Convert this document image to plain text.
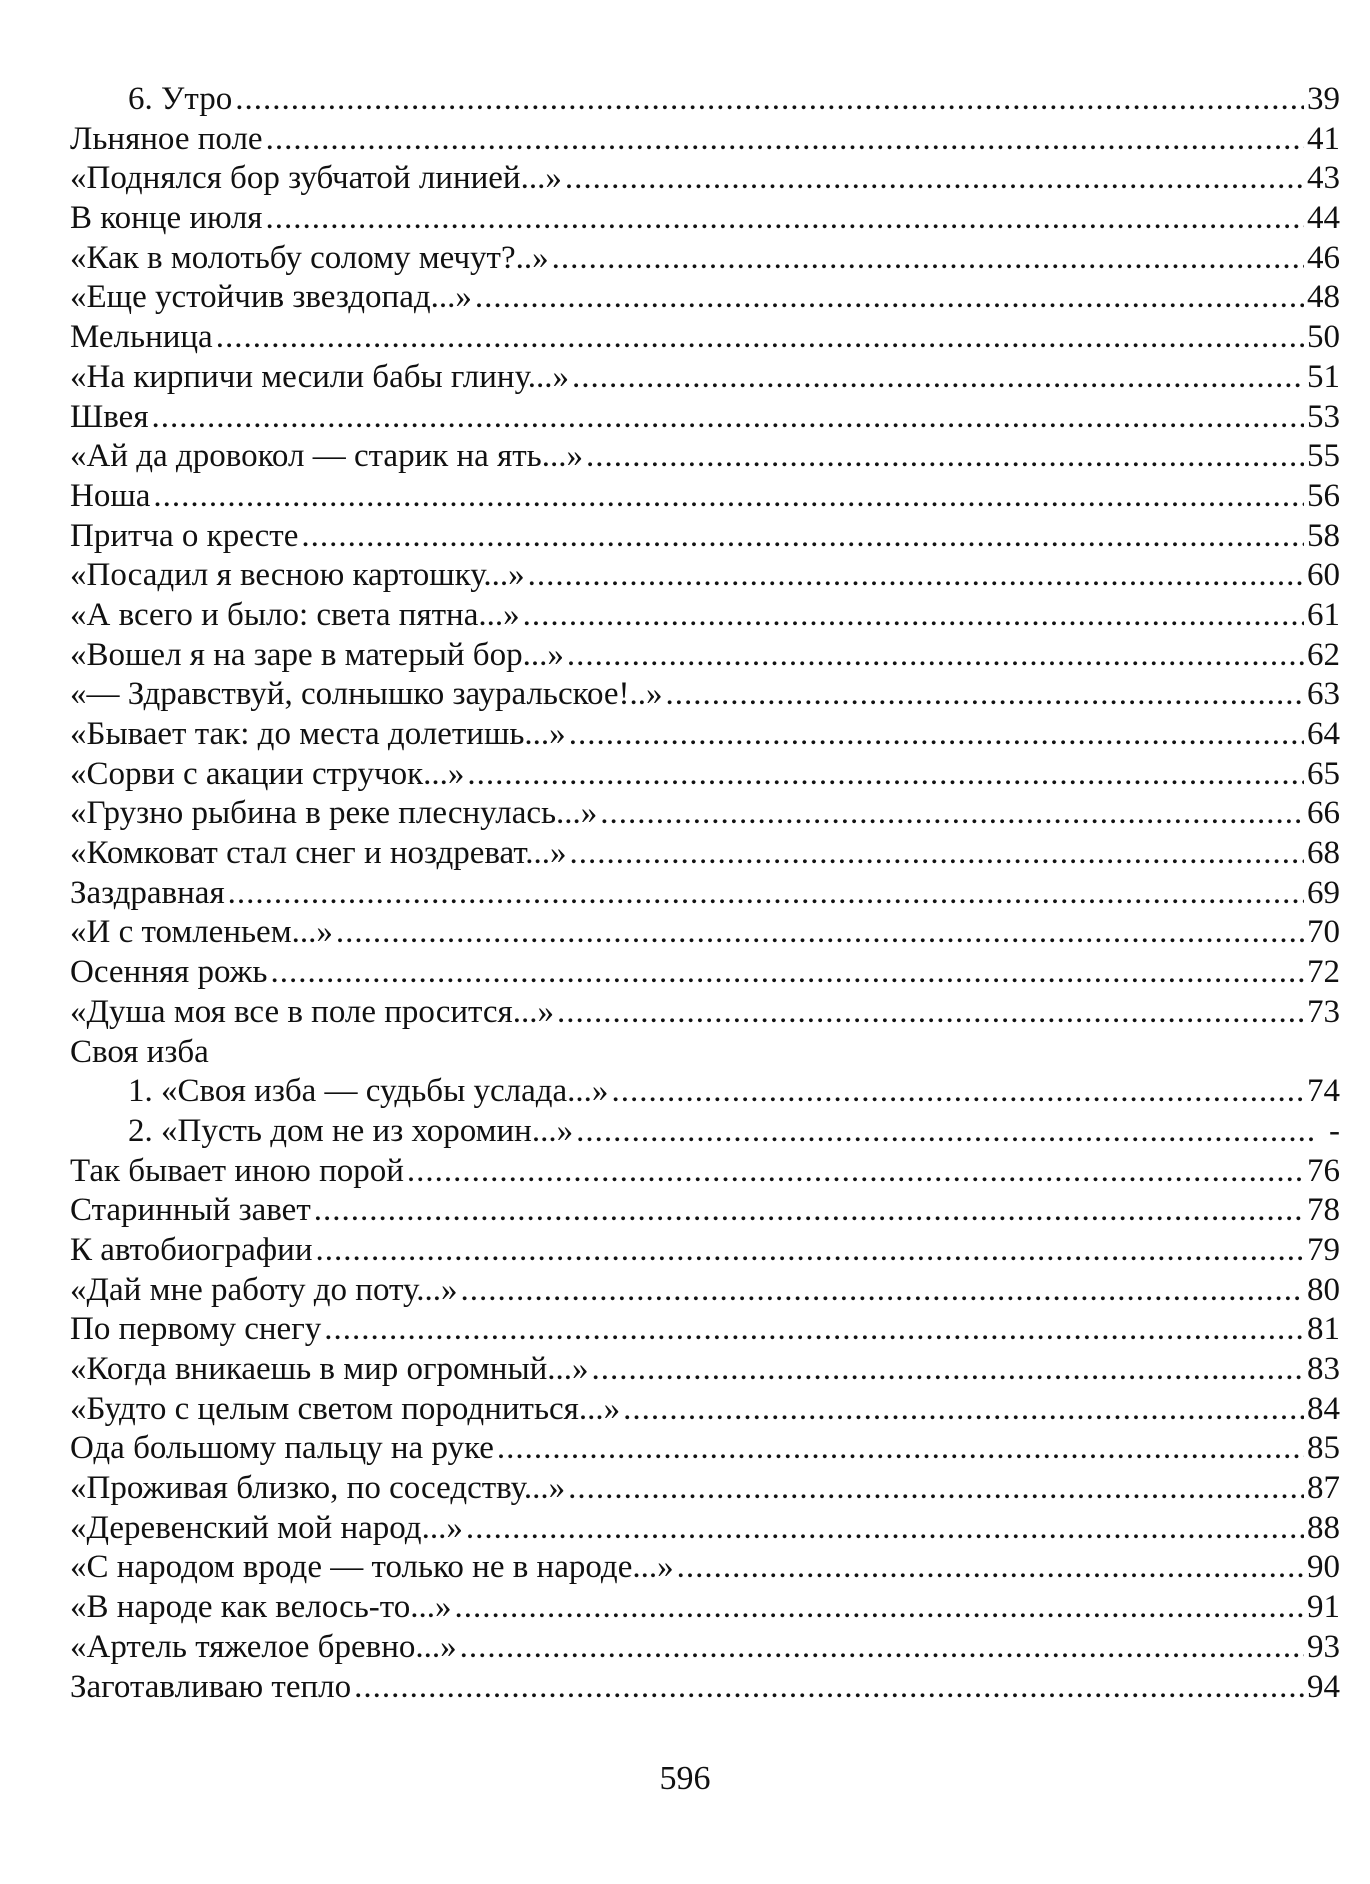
6. Утро .....	39
Льняное поле .....	41
«Поднялся бор зубчатой линией...» .....	43
В конце июля .....	44
«Как в молотьбу солому мечут?..» .....	46
«Еще устойчив звездопад...» .....	48
Мельница .....	50
«На кирпичи месили бабы глину...» .....	51
Швея .....	53
«Ай да дровокол — старик на ять...» .....	55
Ноша .....	56
Притча о кресте .....	58
«Посадил я весною картошку...» .....	60
«А всего и было: света пятна...» .....	61
«Вошел я на заре в матерый бор...» .....	62
«— Здравствуй, солнышко зауральское!..» .....	63
«Бывает так: до места долетишь...» .....	64
«Сорви с акации стручок...» .....	65
«Грузно рыбина в реке плеснулась...» .....	66
«Комковат стал снег и ноздреват...» .....	68
Заздравная .....	69
«И с томленьем...» .....	70
Осенняя рожь .....	72
«Душа моя все в поле просится...» .....	73
Своя изба
1. «Своя изба — судьбы услада...» .....	74
2. «Пусть дом не из хоромин...» .....	-
Так бывает иною порой .....	76
Старинный завет .....	78
К автобиографии .....	79
«Дай мне работу до поту...» .....	80
По первому снегу .....	81
«Когда вникаешь в мир огромный...» .....	83
«Будто с целым светом породниться...» .....	84
Ода большому пальцу на руке .....	85
«Проживая близко, по соседству...» .....	87
«Деревенский мой народ...» .....	88
«С народом вроде — только не в народе...» .....	90
«В народе как велось-то...» .....	91
«Артель тяжелое бревно...» .....	93
Заготавливаю тепло .....	94
596
